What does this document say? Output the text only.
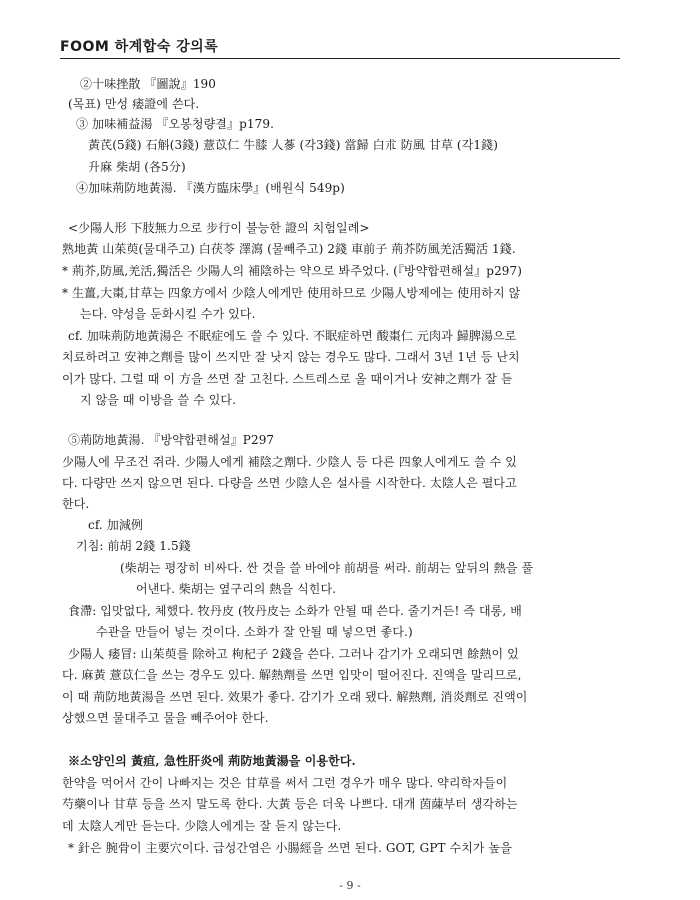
FOOM 하계합숙 강의록
②十味挫散 『圖說』190
(목표) 만성 痿證에 쓴다.
③ 加味補益湯 『오봉청량결』p179.
黃芪(5錢) 石斛(3錢) 薏苡仁 牛膝 人蔘 (각3錢) 當歸 白朮 防風 甘草 (각1錢)
升麻 柴胡 (各5分)
④加味荊防地黃湯. 『漢方臨床學』(배원식 549p)
<少陽人形 下肢無力으로 步行이 불능한 證의 치험일례>
熟地黃 山茱萸(물대주고) 白茯苓 澤瀉 (물빼주고) 2錢 車前子 荊芥防風羌活獨活 1錢.
* 荊芥,防風,羌活,獨活은 少陽人의 補陰하는 약으로 봐주었다. (『방약합편해설』p297)
* 生薑,大棗,甘草는 四象方에서 少陰人에게만 使用하므로 少陽人방제에는 使用하지 않
는다. 약성을 둔화시킬 수가 있다.
cf. 加味荊防地黃湯은 不眠症에도 쓸 수 있다. 不眠症하면 酸棗仁 元肉과 歸脾湯으로
치료하려고 安神之劑를 많이 쓰지만 잘 낫지 않는 경우도 많다. 그래서 3년 1년 등 난치
이가 많다. 그럴 때 이 方을 쓰면 잘 고친다. 스트레스로 올 때이거나 安神之劑가 잘 듣
지 않을 때 이방을 쓸 수 있다.
⑤荊防地黃湯. 『방약합편해설』P297
少陽人에 무조건 쥐라. 少陽人에게 補陰之劑다. 少陰人 등 다른 四象人에게도 쓸 수 있
다. 다량만 쓰지 않으면 된다. 다량을 쓰면 少陰人은 설사를 시작한다. 太陰人은 펼다고
한다.
cf. 加減例
기침: 前胡 2錢 1.5錢
(柴胡는 평장히 비싸다. 싼 것을 쓸 바에야 前胡를 써라. 前胡는 앞뒤의 熱을 풀
어낸다. 柴胡는 옆구리의 熱을 식힌다.
食滯: 입맛없다, 체했다. 牧丹皮 (牧丹皮는 소화가 안될 때 쓴다. 줄기거든! 즉 대롱, 배
수관을 만들어 넣는 것이다. 소화가 잘 안될 때 넣으면 좋다.)
少陽人 痿冒: 山茱萸를 除하고 枸杞子 2錢을 쓴다. 그러나 감기가 오래되면 餘熱이 있
다. 麻黃 薏苡仁을 쓰는 경우도 있다. 解熱劑를 쓰면 입맛이 떨어진다. 진액을 말리므로,
이 때 荊防地黃湯을 쓰면 된다. 效果가 좋다. 감기가 오래 됐다. 解熱劑, 消炎劑로 진액이
상했으면 물대주고 물을 빼주어야 한다.
※소양인의 黃疸, 急性肝炎에 荊防地黃湯을 이용한다.
한약을 먹어서 간이 나빠지는 것은 甘草를 써서 그런 경우가 매우 많다. 약리학자들이
芍藥이나 甘草 등을 쓰지 말도록 한다. 大黃 등은 더욱 나쁘다. 대개 茵蔯부터 생각하는
데 太陰人게만 듣는다. 少陰人에게는 잘 듣지 않는다.
* 針은 腕骨이 主要穴이다. 급성간염은 小腸經을 쓰면 된다. GOT, GPT 수치가 높을
- 9 -
